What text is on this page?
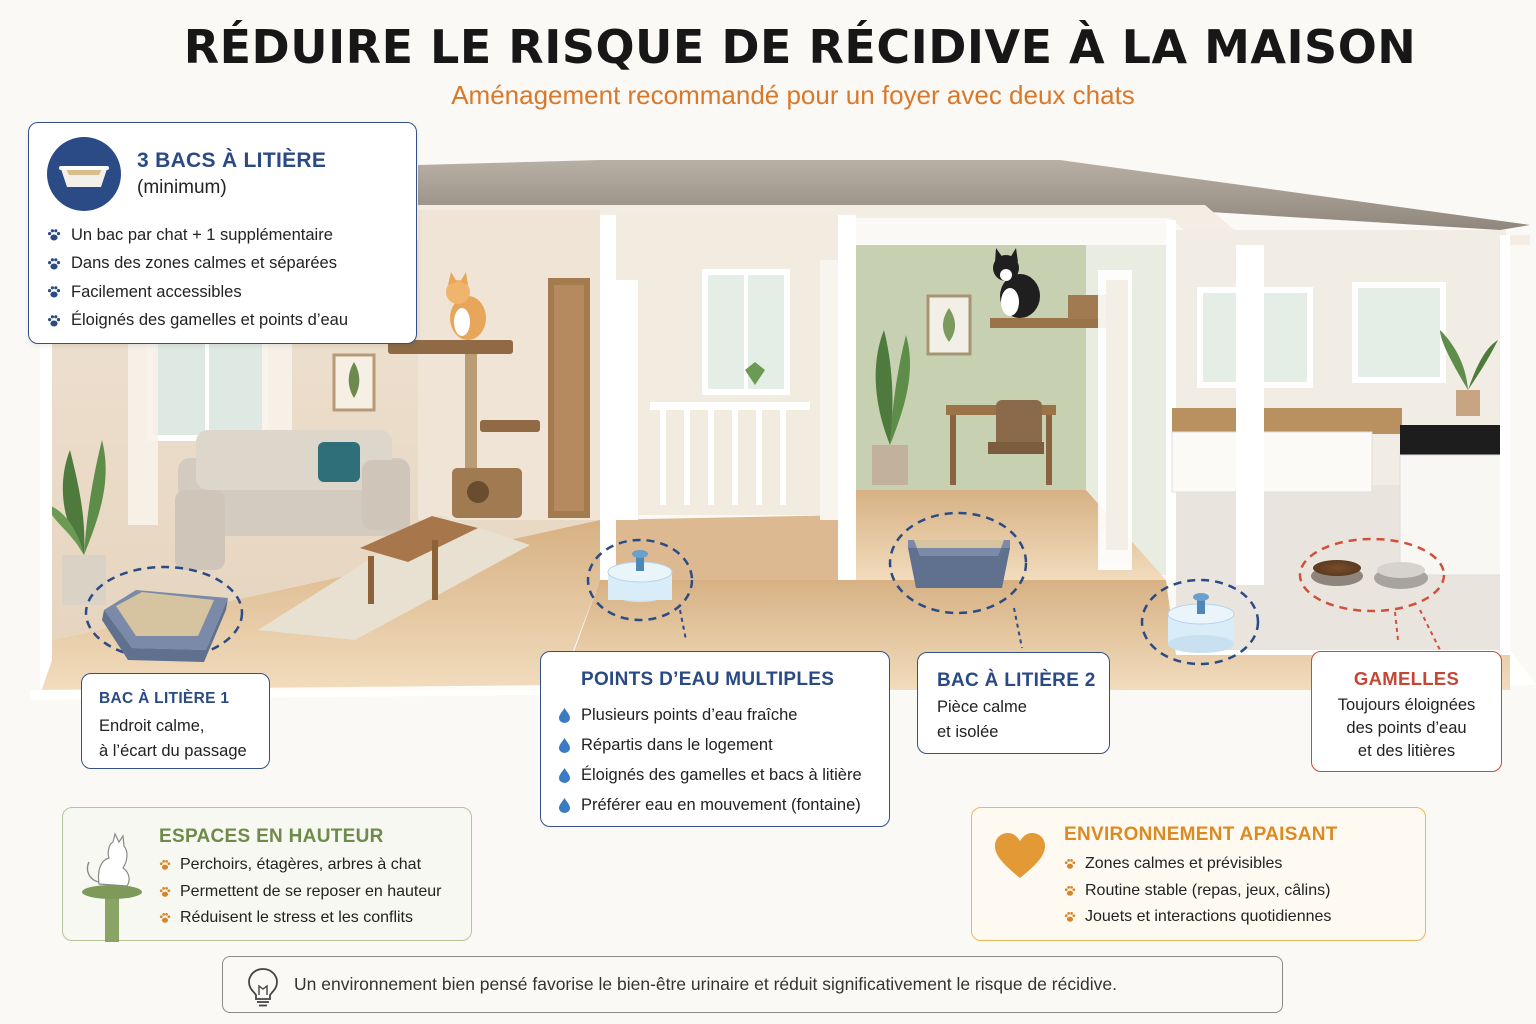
RÉDUIRE LE RISQUE DE RÉCIDIVE À LA MAISON
Aménagement recommandé pour un foyer avec deux chats
3 BACS À LITIÈRE
(minimum)
Un bac par chat + 1 supplémentaire
Dans des zones calmes et séparées
Facilement accessibles
Éloignés des gamelles et points d’eau
BAC À LITIÈRE 1
Endroit calme,
à l’écart du passage
POINTS D’EAU MULTIPLES
Plusieurs points d’eau fraîche
Répartis dans le logement
Éloignés des gamelles et bacs à litière
Préférer eau en mouvement (fontaine)
BAC À LITIÈRE 2
Pièce calme
et isolée
GAMELLES
Toujours éloignées
des points d’eau
et des litières
ESPACES EN HAUTEUR
Perchoirs, étagères, arbres à chat
Permettent de se reposer en hauteur
Réduisent le stress et les conflits
ENVIRONNEMENT APAISANT
Zones calmes et prévisibles
Routine stable (repas, jeux, câlins)
Jouets et interactions quotidiennes
Un environnement bien pensé favorise le bien-être urinaire et réduit significativement le risque de récidive.
